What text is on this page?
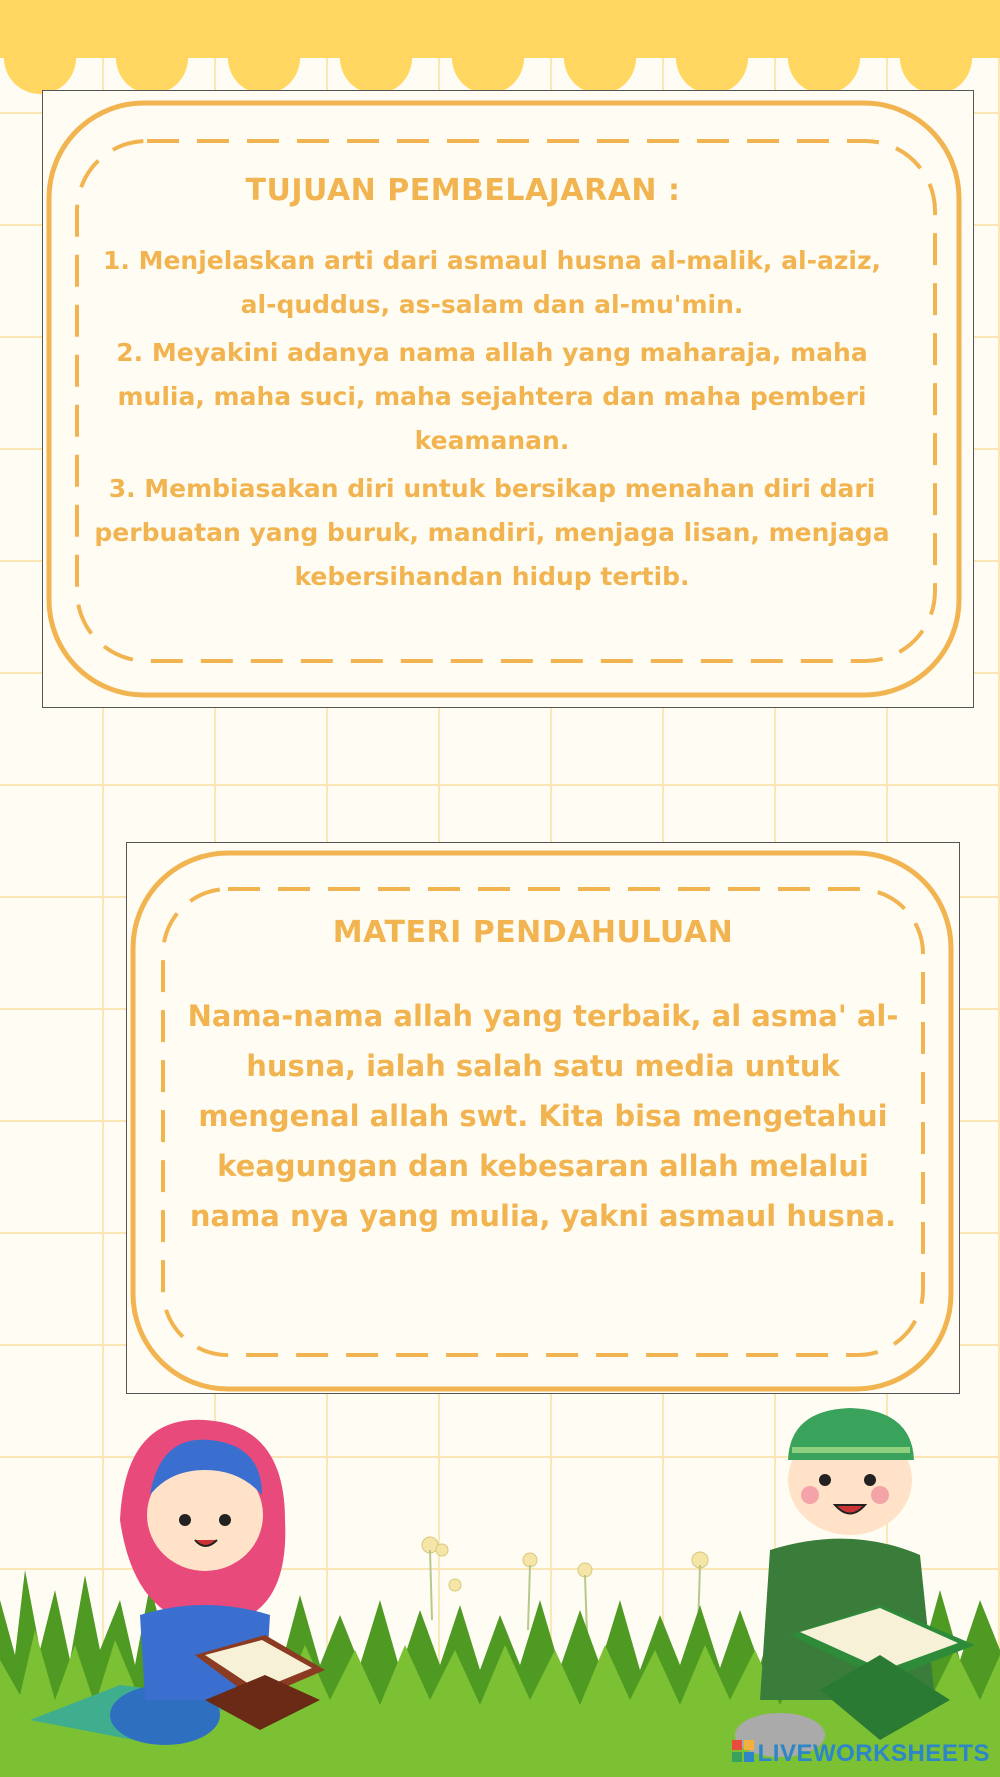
TUJUAN PEMBELAJARAN :
1. Menjelaskan arti dari asmaul husna al-malik, al-aziz, al-quddus, as-salam dan al-mu'min.
2. Meyakini adanya nama allah yang maharaja, maha mulia, maha suci, maha sejahtera dan maha pemberi keamanan.
3. Membiasakan diri untuk bersikap menahan diri dari perbuatan yang buruk, mandiri, menjaga lisan, menjaga kebersihandan hidup tertib.
MATERI PENDAHULUAN

Nama-nama allah yang terbaik, al asma' al-husna, ialah salah satu media untuk mengenal allah swt. Kita bisa mengetahui keagungan dan kebesaran allah melalui nama nya yang mulia, yakni asmaul husna.

LIVEWORKSHEETS
